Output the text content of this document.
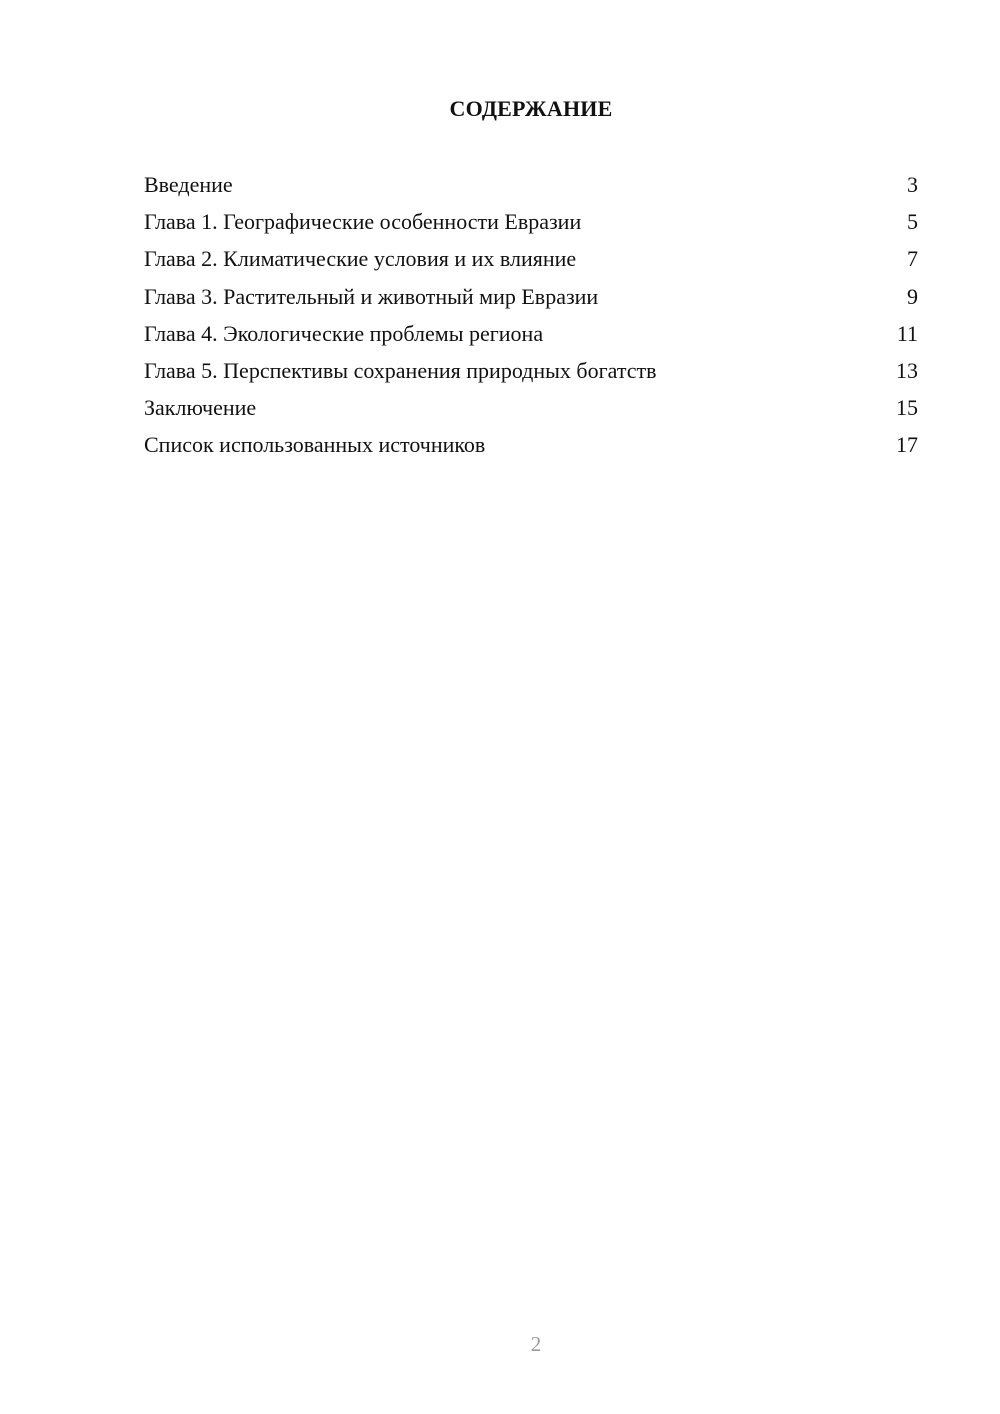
СОДЕРЖАНИЕ
Введение	3
Глава 1. Географические особенности Евразии	5
Глава 2. Климатические условия и их влияние	7
Глава 3. Растительный и животный мир Евразии	9
Глава 4. Экологические проблемы региона	11
Глава 5. Перспективы сохранения природных богатств	13
Заключение	15
Список использованных источников	17
2
